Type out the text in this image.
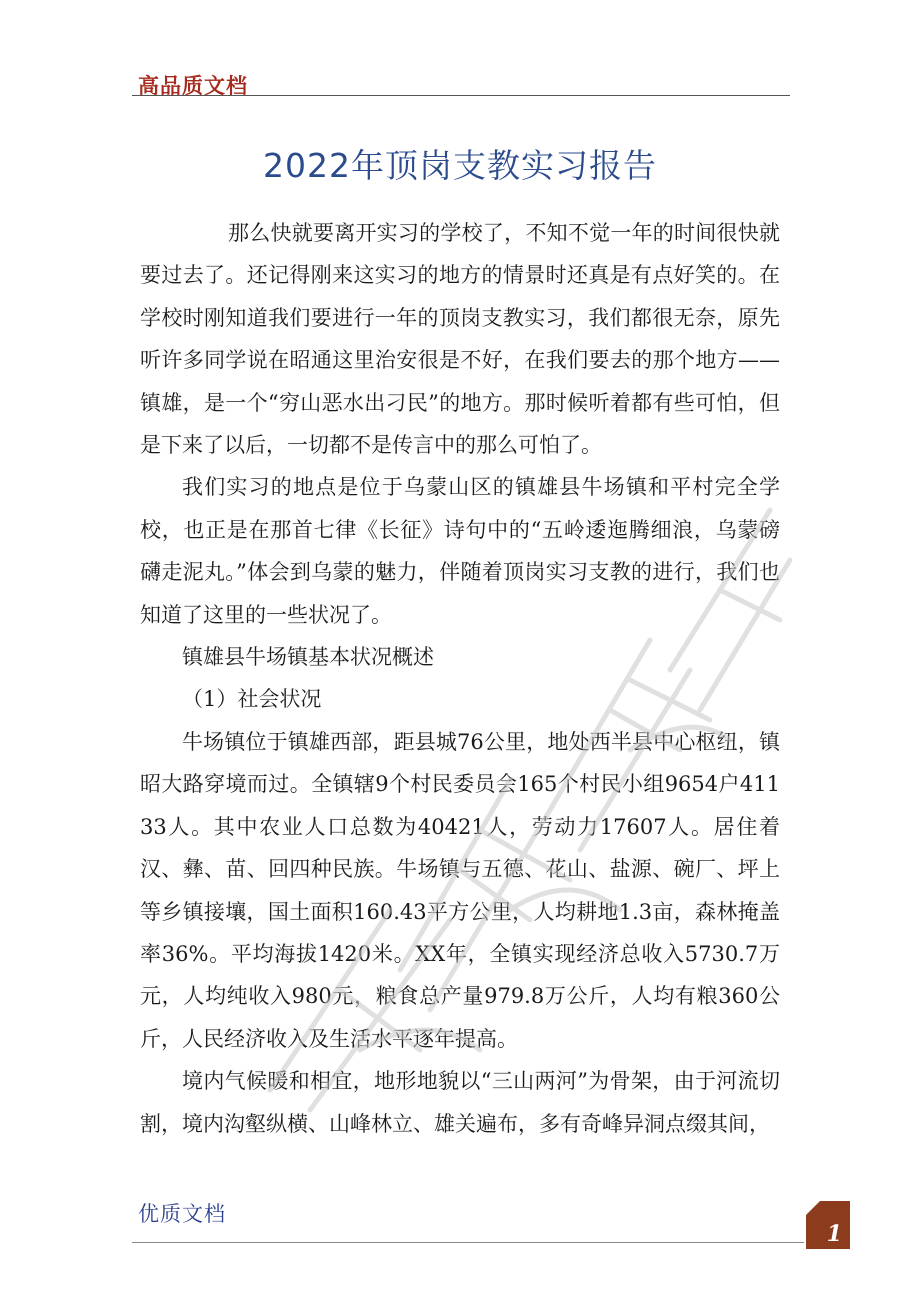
高品质文档
2022年顶岗支教实习报告

那么快就要离开实习的学校了，不知不觉一年的时间很快就要过去了。还记得刚来这实习的地方的情景时还真是有点好笑的。在学校时刚知道我们要进行一年的顶岗支教实习，我们都很无奈，原先听许多同学说在昭通这里治安很是不好，在我们要去的那个地方——镇雄，是一个“穷山恶水出刁民”的地方。那时候听着都有些可怕，但是下来了以后，一切都不是传言中的那么可怕了。

我们实习的地点是位于乌蒙山区的镇雄县牛场镇和平村完全学校，也正是在那首七律《长征》诗句中的“五岭逶迤腾细浪，乌蒙磅礴走泥丸。”体会到乌蒙的魅力，伴随着顶岗实习支教的进行，我们也知道了这里的一些状况了。

镇雄县牛场镇基本状况概述

（1）社会状况

牛场镇位于镇雄西部，距县城76公里，地处西半县中心枢纽，镇昭大路穿境而过。全镇辖9个村民委员会165个村民小组9654户41133人。其中农业人口总数为40421人，劳动力17607人。居住着汉、彝、苗、回四种民族。牛场镇与五德、花山、盐源、碗厂、坪上等乡镇接壤，国土面积160.43平方公里，人均耕地1.3亩，森林掩盖率36%。平均海拔1420米。XX年，全镇实现经济总收入5730.7万元，人均纯收入980元，粮食总产量979.8万公斤，人均有粮360公斤，人民经济收入及生活水平逐年提高。

境内气候暖和相宜，地形地貌以“三山两河”为骨架，由于河流切割，境内沟壑纵横、山峰林立、雄关遍布，多有奇峰异洞点缀其间，

优质文档
1
